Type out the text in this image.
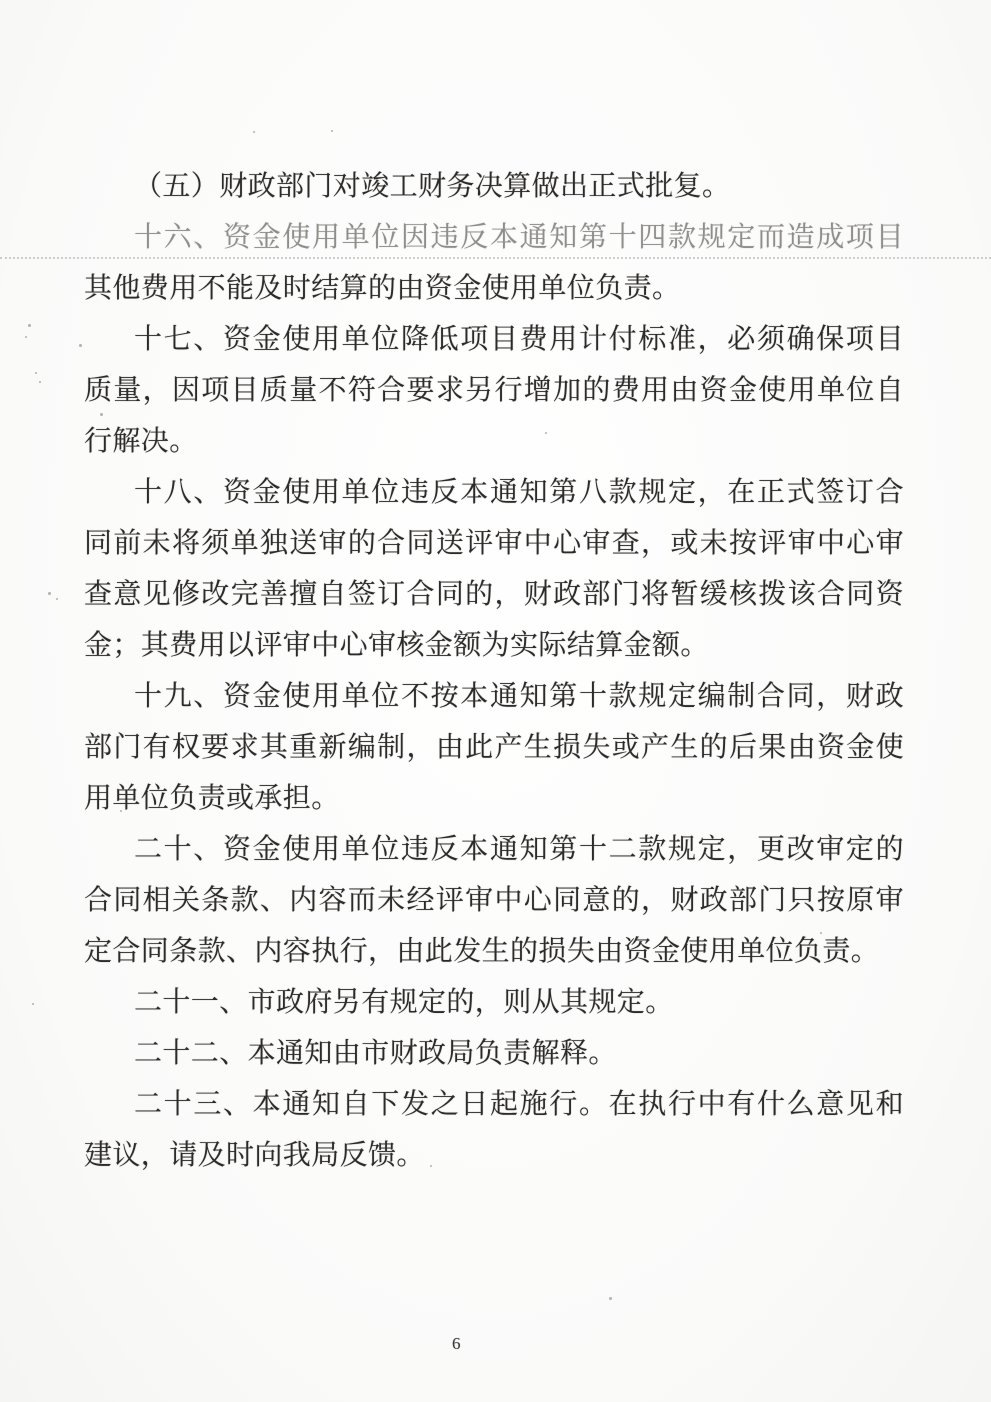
（五）财政部门对竣工财务决算做出正式批复。
十六、资金使用单位因违反本通知第十四款规定而造成项目
其他费用不能及时结算的由资金使用单位负责。
十七、资金使用单位降低项目费用计付标准，必须确保项目
质量，因项目质量不符合要求另行增加的费用由资金使用单位自
行解决。
十八、资金使用单位违反本通知第八款规定，在正式签订合
同前未将须单独送审的合同送评审中心审查，或未按评审中心审
查意见修改完善擅自签订合同的，财政部门将暂缓核拨该合同资
金；其费用以评审中心审核金额为实际结算金额。
十九、资金使用单位不按本通知第十款规定编制合同，财政
部门有权要求其重新编制，由此产生损失或产生的后果由资金使
用单位负责或承担。
二十、资金使用单位违反本通知第十二款规定，更改审定的
合同相关条款、内容而未经评审中心同意的，财政部门只按原审
定合同条款、内容执行，由此发生的损失由资金使用单位负责。
二十一、市政府另有规定的，则从其规定。
二十二、本通知由市财政局负责解释。
二十三、本通知自下发之日起施行。在执行中有什么意见和
建议，请及时向我局反馈。
6
